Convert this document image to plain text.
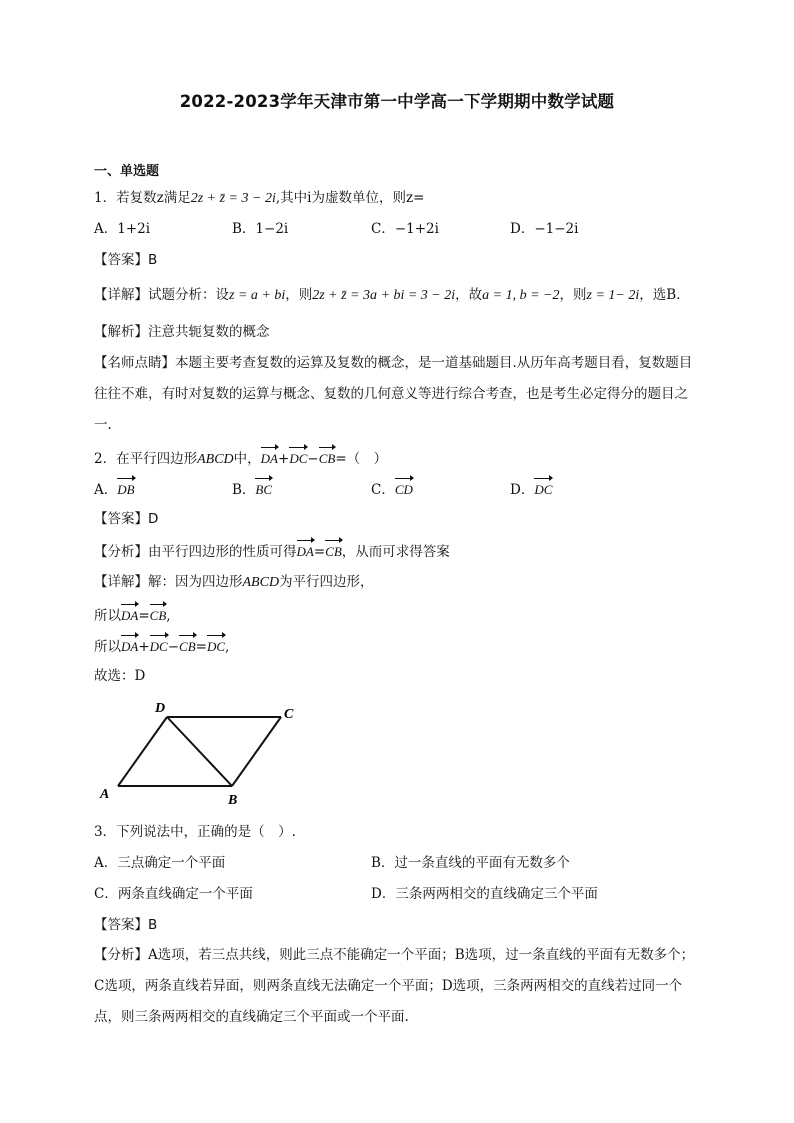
2022-2023学年天津市第一中学高一下学期期中数学试题
一、单选题
1．若复数z满足2z + z̄ = 3 − 2i,其中i为虚数单位，则z=
A．1+2i	B．1−2i	C．−1+2i	D．−1−2i
【答案】B
【详解】试题分析：设z = a + bi，则2z + z̄ = 3a + bi = 3 − 2i，故a = 1, b = −2，则z = 1− 2i，选B.
【解析】注意共轭复数的概念
【名师点睛】本题主要考查复数的运算及复数的概念，是一道基础题目.从历年高考题目看，复数题目往往不难，有时对复数的运算与概念、复数的几何意义等进行综合考查，也是考生必定得分的题目之一.
2．在平行四边形ABCD中，DA+DC−CB=（　）
A．DB	B．BC	C．CD	D．DC
【答案】D
【分析】由平行四边形的性质可得DA=CB，从而可求得答案
【详解】解：因为四边形ABCD为平行四边形，
所以DA=CB,
所以DA+DC−CB=DC,
故选：D
D	C
A	B
3．下列说法中，正确的是（　）.
A．三点确定一个平面	B．过一条直线的平面有无数多个
C．两条直线确定一个平面	D．三条两两相交的直线确定三个平面
【答案】B
【分析】A选项，若三点共线，则此三点不能确定一个平面；B选项，过一条直线的平面有无数多个；C选项，两条直线若异面，则两条直线无法确定一个平面；D选项，三条两两相交的直线若过同一个点，则三条两两相交的直线确定三个平面或一个平面.
